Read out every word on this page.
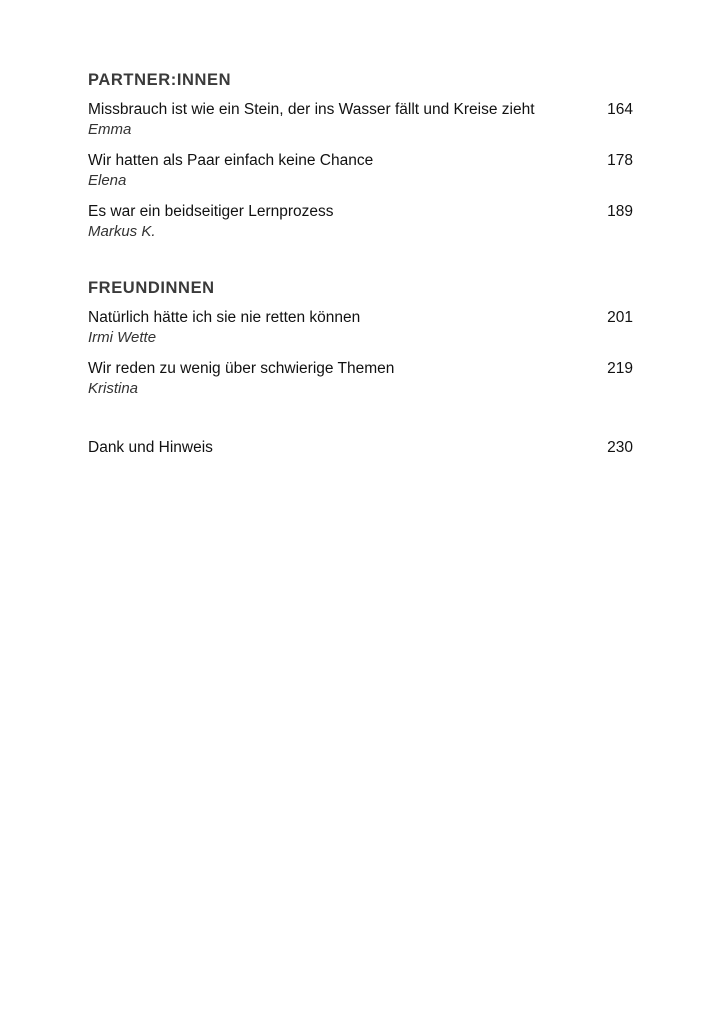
PARTNER:INNEN
Missbrauch ist wie ein Stein, der ins Wasser fällt und Kreise zieht	164
Emma
Wir hatten als Paar einfach keine Chance	178
Elena
Es war ein beidseitiger Lernprozess	189
Markus K.
FREUNDINNEN
Natürlich hätte ich sie nie retten können	201
Irmi Wette
Wir reden zu wenig über schwierige Themen	219
Kristina
Dank und Hinweis	230
